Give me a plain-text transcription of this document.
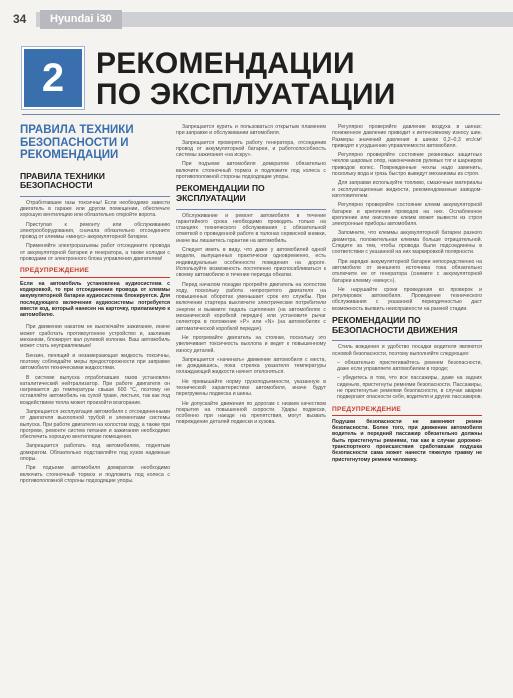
34	Hyundai i30
2	РЕКОМЕНДАЦИИ
ПО ЭКСПЛУАТАЦИИ
ПРАВИЛА ТЕХНИКИ БЕЗОПАСНОСТИ И РЕКОМЕНДАЦИИ
ПРАВИЛА ТЕХНИКИ БЕЗОПАСНОСТИ

Отработавшие газы токсичны! Если необходимо завести двигатель в гараже или другом помещении, обеспечьте хорошую вентиляцию или обязательно откройте ворота.

Приступая к ремонту или обслуживанию электрооборудования, сначала обязательно отсоедините провод от клеммы «минус» аккумуляторной батареи.

Применяйте электроразъемы работ отсоедините провода от аккумуляторной батареи и генератора, а также колодки с проводами от электронного блока управления двигателем!

ПРЕДУПРЕЖДЕНИЕ
Если на автомобиль установлена аудиосистема с кодировкой, то при отсоединении провода от клеммы аккумуляторной батареи аудиосистема блокируется. Для последующего включения аудиосистемы потребуется ввести код, который нанесен на карточку, прилагаемую к автомобилю.

При движении накатом не выключайте зажигание, иначе может сработать противоугонное устройство и, заклинив механизм, блокирует вал рулевой колонки. Ваш автомобиль может стать неуправляемым!

Бензин, пенящий и незамерзающая жидкость токсичны, поэтому соблюдайте меры предосторожности при заправке автомобиля техническими жидкостями.

В системе выпуска отработавших газов установлен каталитический нейтрализатор. При работе двигателя он нагревается до температуры свыше 600 °С, поэтому не оставляйте автомобиль на сухой траве, листьях, так как под воздействием тепла может произойти возгорание.

Запрещается эксплуатация автомобиля с отсоединенными от двигателя выхлопной трубой и элементами системы выпуска. При работе двигателя на холостом ходу, а также при прогреве, ремонте систем питания и зажигания необходимо обеспечить хорошую вентиляцию помещения.

Запрещается работать под автомобилем, поднятым домкратом. Обязательно подставляйте под кузов надежные опоры.

При подъеме автомобиля домкратом необходимо включить стояночный тормоз и подложить под колеса с противоположной стороны подходящие упоры.

Запрещается курить и пользоваться открытым пламенем при заправке и обслуживании автомобиля.

Запрещается проверять работу генератора, отсоединив провод от аккумуляторной батареи, и работоспособность системы зажигания «на искру».

При подъеме автомобиля домкратом обязательно включите стояночный тормоз и подложите под колеса с противоположной стороны подходящие упоры.

РЕКОМЕНДАЦИИ ПО ЭКСПЛУАТАЦИИ

Обслуживание и ремонт автомобиля в течение гарантийного срока необходимо проводить только на станциях технического обслуживания с обязательной отметкой о проведенной работе в талонах сервисной книжки, иначе вы лишаетесь гарантии на автомобиль.

Следует иметь в виду, что даже у автомобилей одной модели, выпущенных практически одновременно, есть индивидуальные особенности поведения на дороге. Используйте возможность постепенно приспосабливаться к своему автомобилю в течение периода обкатки.

Перед началом поездки прогрейте двигатель на холостом ходу, поскольку работа непрогретого двигателя на повышенных оборотах уменьшает срок его службы. При включении стартера выключите электрические потребители энергии и выжмите педаль сцепления (на автомобилях с механической коробкой передач) или установите рычаг селектора в положение «P» или «N» (на автомобилях с автоматической коробкой передач).

Не прогревайте двигатель на стоянке, поскольку это увеличивает токсичность выхлопа и ведет к повышенному износу деталей.

Запрещается «начинать» движение автомобиля с места, не дождавшись, пока стрелка указателя температуры охлаждающей жидкости начнет отклоняться.

Не превышайте норму грузоподъемности, указанную в технической характеристике автомобиля, иначе будут перегружены подвеска и шины.

Не допускайте движения по дорогам с низким качеством покрытия на повышенной скорости. Удары подвески, особенно при наезде на препятствия, могут вызвать повреждение деталей подвески и кузова.

Регулярно проверяйте давление воздуха в шинах: пониженное давление приводит к интенсивному износу шин. Размеры значений давления в шинах 0,2–0,3 кгс/см² приводят к ухудшению управляемости автомобиля.

Регулярно проверяйте состояние резиновых защитных чехлов шаровых опор, наконечников рулевых тяг и шарниров приводов колес. Поврежденные чехлы надо заменить, поскольку вода и грязь быстро выведут механизмы из строя.

Для заправки используйте топливо, смазочные материалы и эксплуатационные жидкости, рекомендованные заводом-изготовителем.

Регулярно проверяйте состояние клемм аккумуляторной батареи и крепления проводов на них. Ослабленное крепление или окисление клемм может вывести из строя электронные приборы автомобиля.

Запомните, что клеммы аккумуляторной батареи разного диаметра, положительная клемма больше отрицательной. Следите за тем, чтобы провода были подсоединены в соответствии с указанной на них маркировкой полярности.

При зарядке аккумуляторной батареи непосредственно на автомобиле от внешнего источника тока обязательно отключите ее от генератора (снимите с аккумуляторной батареи клемму «минус»).

Не нарушайте сроки проведения ко проверок и регулировок автомобиля. Проведение технического обслуживания с указанной периодичностью даст возможность выявить неисправности на ранней стадии.

РЕКОМЕНДАЦИИ ПО БЕЗОПАСНОСТИ ДВИЖЕНИЯ

Стиль вождения и удобство посадки водителя являются основой безопасности, поэтому выполняйте следующее:

– обязательно пристегивайтесь ремнем безопасности, даже если управляете автомобилем в городе;

– убедитесь в том, что все пассажиры, даже на задних сиденьях, пристегнуты ремнями безопасности. Пассажиры, не пристегнутые ремнями безопасности, в случае аварии подвергают опасности себя, водителя и других пассажиров.

ПРЕДУПРЕЖДЕНИЕ
Подушки безопасности не заменяют ремни безопасности. Более того, при движении автомобиля водитель и передний пассажир обязательно должны быть пристегнуты ремнями, так как в случае дорожно-транспортного происшествия сработавшая подушка безопасности сама может нанести тяжелую травму не пристегнутому ремнем человеку.
